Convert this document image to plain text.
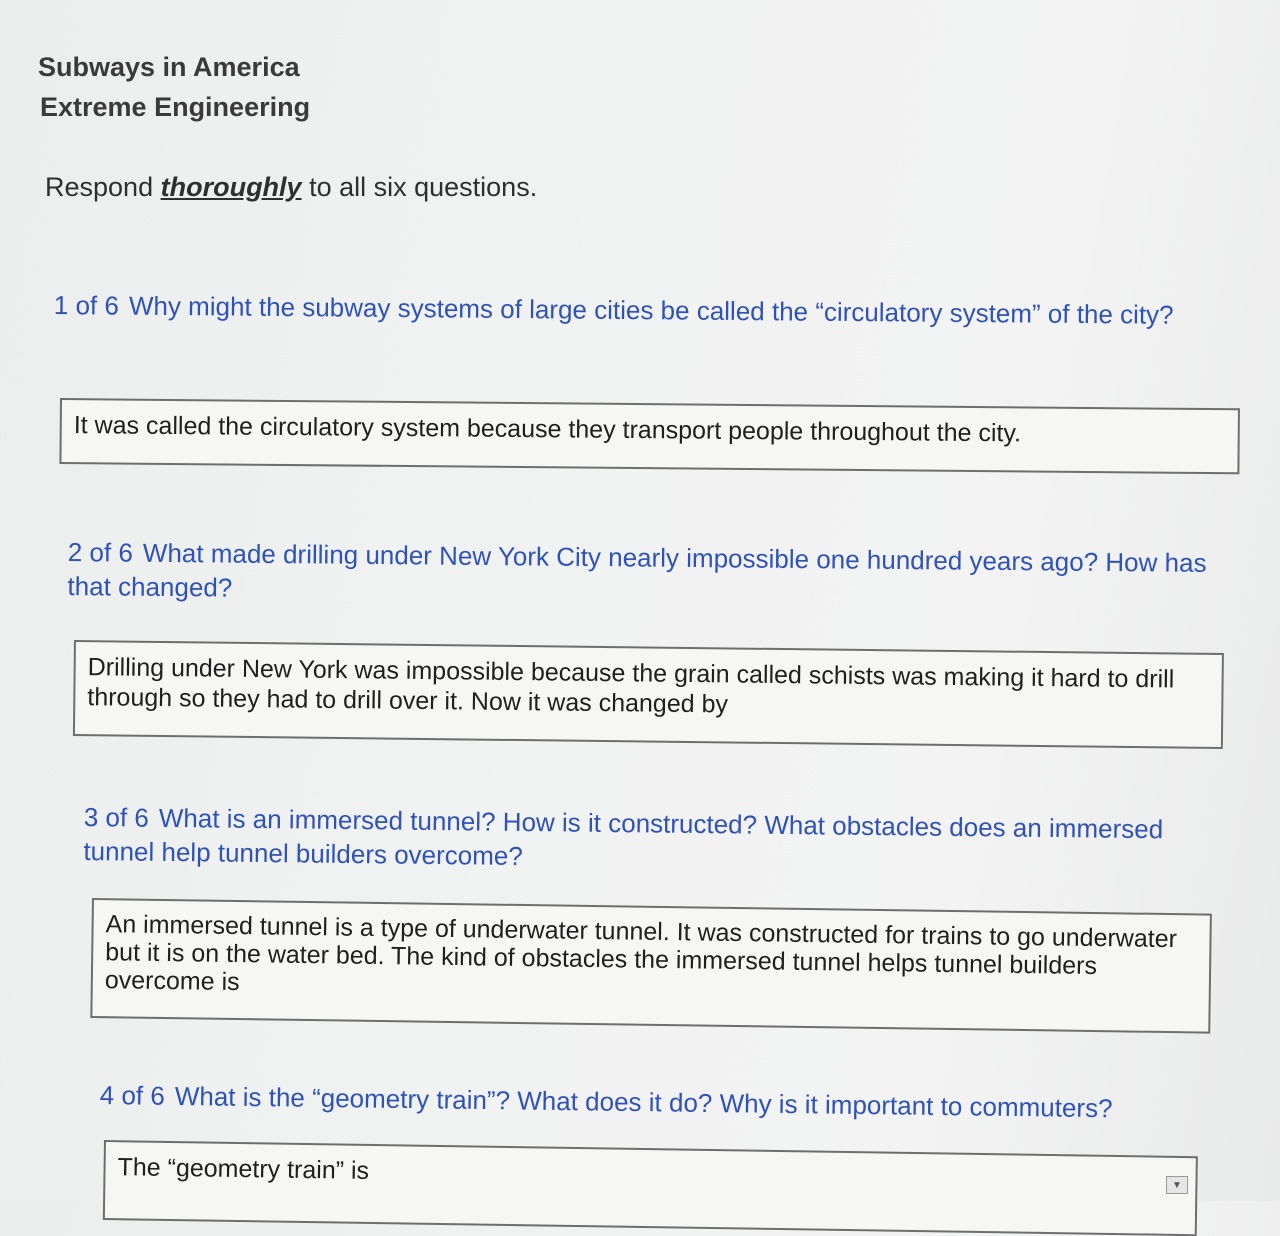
Subways in America
Extreme Engineering
Respond thoroughly to all six questions.
1 of 6 Why might the subway systems of large cities be called the “circulatory system” of the city?
It was called the circulatory system because they transport people throughout the city.
2 of 6 What made drilling under New York City nearly impossible one hundred years ago? How has that changed?
Drilling under New York was impossible because the grain called schists was making it hard to drill through so they had to drill over it. Now it was changed by
3 of 6 What is an immersed tunnel? How is it constructed? What obstacles does an immersed tunnel help tunnel builders overcome?
An immersed tunnel is a type of underwater tunnel. It was constructed for trains to go underwater but it is on the water bed. The kind of obstacles the immersed tunnel helps tunnel builders overcome is
4 of 6 What is the “geometry train”? What does it do? Why is it important to commuters?
The “geometry train” is
▼
